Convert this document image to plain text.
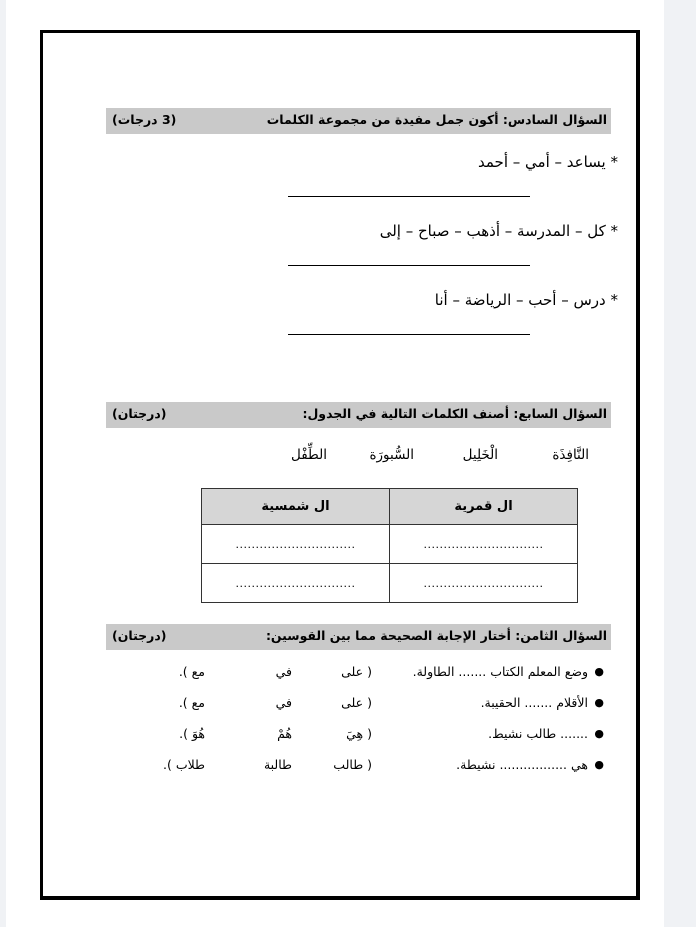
السؤال السادس: أكون جمل مفيدة من مجموعة الكلمات
(3 درجات)
* يساعد – أمي – أحمد
* كل – المدرسة – أذهب – صباح – إلى
* درس – أحب – الرياضة – أنا
السؤال السابع: أصنف الكلمات التالية في الجدول:
(درجتان)
النَّافِذَة
الْخَلِيل
السُّبورَة
الطِّفْل
ال قمرية	ال شمسية
..............................	..............................
..............................	..............................
السؤال الثامن: أختار الإجابة الصحيحة مما بين القوسين:
(درجتان)
●
وضع المعلم الكتاب ....... الطاولة.
( على
في
مع ).
●
الأقلام ....... الحقيبة.
( على
في
مع ).
●
....... طالب نشيط.
( هِيَ
هُمْ
هُوَ ).
●
هي ................. نشيطة.
( طالب
طالبة
طلاب ).
